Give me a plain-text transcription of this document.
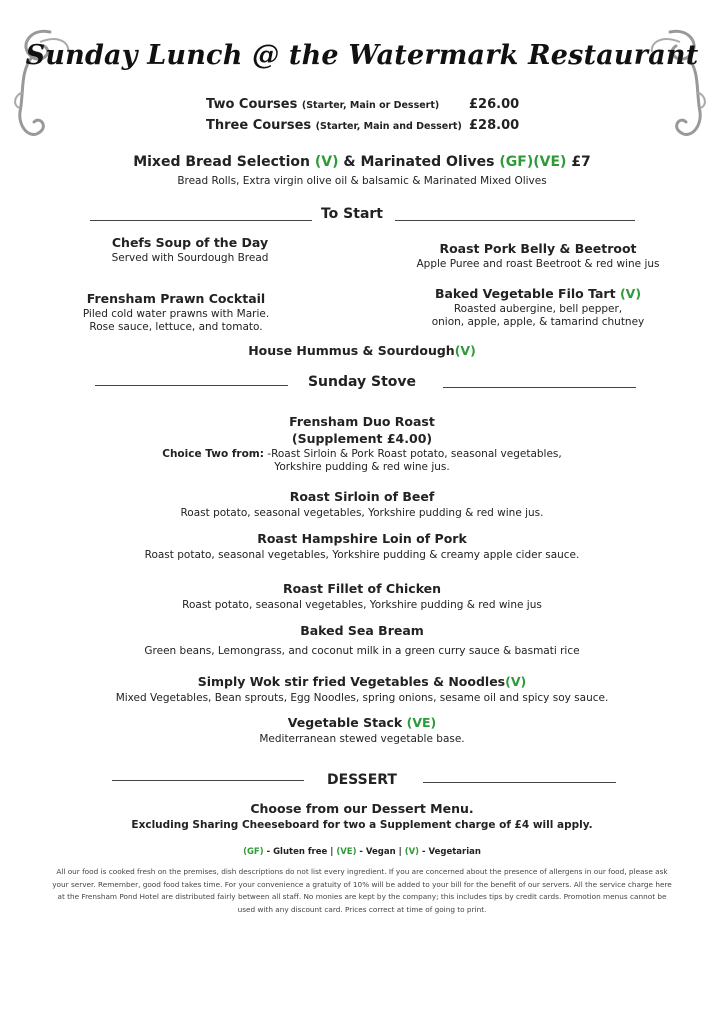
Sunday Lunch @ the Watermark Restaurant
Two Courses (Starter, Main or Dessert) £26.00
Three Courses (Starter, Main and Dessert) £28.00
Mixed Bread Selection (V) & Marinated Olives (GF)(VE) £7
Bread Rolls, Extra virgin olive oil & balsamic & Marinated Mixed Olives
To Start
Chefs Soup of the Day
Served with Sourdough Bread
Roast Pork Belly & Beetroot
Apple Puree and roast Beetroot & red wine jus
Frensham Prawn Cocktail
Piled cold water prawns with Marie.
Rose sauce, lettuce, and tomato.
Baked Vegetable Filo Tart (V)
Roasted aubergine, bell pepper,
onion, apple, apple, & tamarind chutney
House Hummus & Sourdough(V)
Sunday Stove
Frensham Duo Roast
(Supplement £4.00)
Choice Two from: -Roast Sirloin & Pork Roast potato, seasonal vegetables,
Yorkshire pudding & red wine jus.
Roast Sirloin of Beef
Roast potato, seasonal vegetables, Yorkshire pudding & red wine jus.
Roast Hampshire Loin of Pork
Roast potato, seasonal vegetables, Yorkshire pudding & creamy apple cider sauce.
Roast Fillet of Chicken
Roast potato, seasonal vegetables, Yorkshire pudding & red wine jus
Baked Sea Bream
Green beans, Lemongrass, and coconut milk in a green curry sauce & basmati rice
Simply Wok stir fried Vegetables & Noodles(V)
Mixed Vegetables, Bean sprouts, Egg Noodles, spring onions, sesame oil and spicy soy sauce.
Vegetable Stack (VE)
Mediterranean stewed vegetable base.
DESSERT
Choose from our Dessert Menu.
Excluding Sharing Cheeseboard for two a Supplement charge of £4 will apply.
(GF) - Gluten free | (VE) - Vegan | (V) - Vegetarian
All our food is cooked fresh on the premises, dish descriptions do not list every ingredient. If you are concerned about the presence of allergens in our food, please ask your server. Remember, good food takes time. For your convenience a gratuity of 10% will be added to your bill for the benefit of our servers. All the service charge here at the Frensham Pond Hotel are distributed fairly between all staff. No monies are kept by the company; this includes tips by credit cards. Promotion menus cannot be used with any discount card. Prices correct at time of going to print.
